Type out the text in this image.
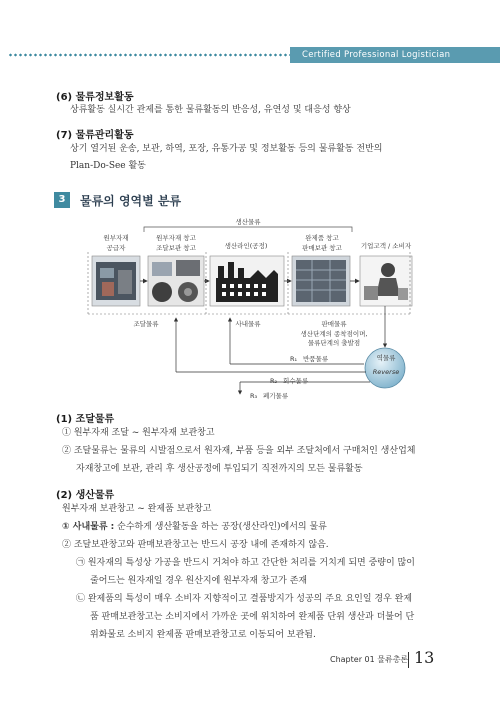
Certified Professional Logistician
(6) 물류정보활동
상류활동 실시간 관제를 통한 물류활동의 반응성, 유연성 및 대응성 향상
(7) 물류관리활동
상기 열거된 운송, 보관, 하역, 포장, 유통가공 및 정보활동 등의 물류활동 전반의
Plan-Do-See 활동
3	물류의 영역별 분류
생산물류
원부자재
공급자
원부자재 창고
조달보관 창고	생산라인(공정)
완제품 창고
판매보관 창고	기업고객 / 소비자
조달물류	사내물류	판매물류
생산단계의 종착점이며,
물류단계의 출발점
역물류
Reverse
R₁ 반품물류
R₂ 회수물류
R₃ 폐기물류
(1) 조달물류
① 원부자재 조달 ~ 원부자재 보관창고
② 조달물류는 물류의 시발점으로서 원자재, 부품 등을 외부 조달처에서 구매처인 생산업체
자재창고에 보관, 관리 후 생산공정에 투입되기 직전까지의 모든 물류활동
(2) 생산물류
원부자재 보관창고 ~ 완제품 보관창고
① 사내물류 : 순수하게 생산활동을 하는 공장(생산라인)에서의 물류
② 조달보관창고와 판매보관창고는 반드시 공장 내에 존재하지 않음.
㉠ 원자재의 특성상 가공을 반드시 거쳐야 하고 간단한 처리를 거치게 되면 중량이 많이
줄어드는 원자재일 경우 원산지에 원부자재 창고가 존재
㉡ 완제품의 특성이 매우 소비자 지향적이고 결품방지가 성공의 주요 요인일 경우 완제
품 판매보관창고는 소비지에서 가까운 곳에 위치하여 완제품 단위 생산과 더불어 단
위화물로 소비지 완제품 판매보관창고로 이동되어 보관됨.
Chapter 01 물류총론 13
